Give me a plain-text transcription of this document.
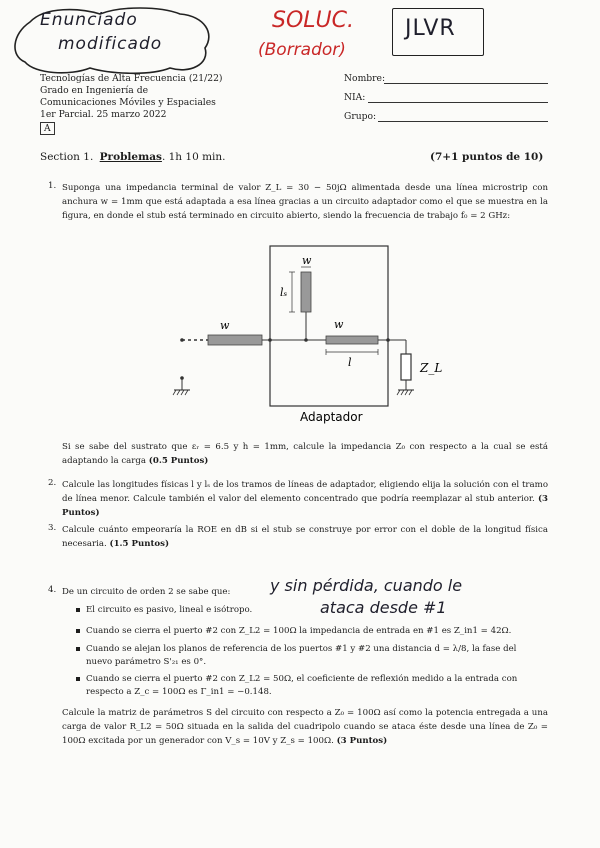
Enunciado
modificado
SOLUC.
(Borrador)
JLVR
Tecnologías de Alta Frecuencia (21/22)
Grado en Ingeniería de
Comunicaciones Móviles y Espaciales
1er Parcial. 25 marzo 2022
A
Nombre:
NIA:
Grupo:
Section 1. Problemas. 1h 10 min.	(7+1 puntos de 10)
1. Suponga una impedancia terminal de valor Z_L = 30 − 50jΩ alimentada desde una línea microstrip con anchura w = 1mm que está adaptada a esa línea gracias a un circuito adaptador como el que se muestra en la figura, en donde el stub está terminado en circuito abierto, siendo la frecuencia de trabajo f₀ = 2 GHz:
w
w
w
lₛ
l	Z_L
Adaptador
Si se sabe del sustrato que εᵣ = 6.5 y h = 1mm, calcule la impedancia Z₀ con respecto a la cual se está adaptando la carga (0.5 Puntos)
2. Calcule las longitudes físicas l y lₛ de los tramos de líneas de adaptador, eligiendo elija la solución con el tramo de línea menor. Calcule también el valor del elemento concentrado que podría reemplazar al stub anterior. (3 Puntos)
3. Calcule cuánto empeoraría la ROE en dB si el stub se construye por error con el doble de la longitud física necesaria. (1.5 Puntos)
4. De un circuito de orden 2 se sabe que: y sin pérdida, cuando le
ataca desde #1
El circuito es pasivo, lineal e isótropo.
Cuando se cierra el puerto #2 con Z_L2 = 100Ω la impedancia de entrada en #1 es Z_in1 = 42Ω.
Cuando se alejan los planos de referencia de los puertos #1 y #2 una distancia d = λ/8, la fase del
nuevo parámetro S'₂₁ es 0°.
Cuando se cierra el puerto #2 con Z_L2 = 50Ω, el coeficiente de reflexión medido a la entrada con
respecto a Z_c = 100Ω es Γ_in1 = −0.148.
Calcule la matriz de parámetros S del circuito con respecto a Z₀ = 100Ω así como la potencia entregada a una carga de valor R_L2 = 50Ω situada en la salida del cuadripolo cuando se ataca éste desde una línea de Z₀ = 100Ω excitada por un generador con V_s = 10V y Z_s = 100Ω. (3 Puntos)
